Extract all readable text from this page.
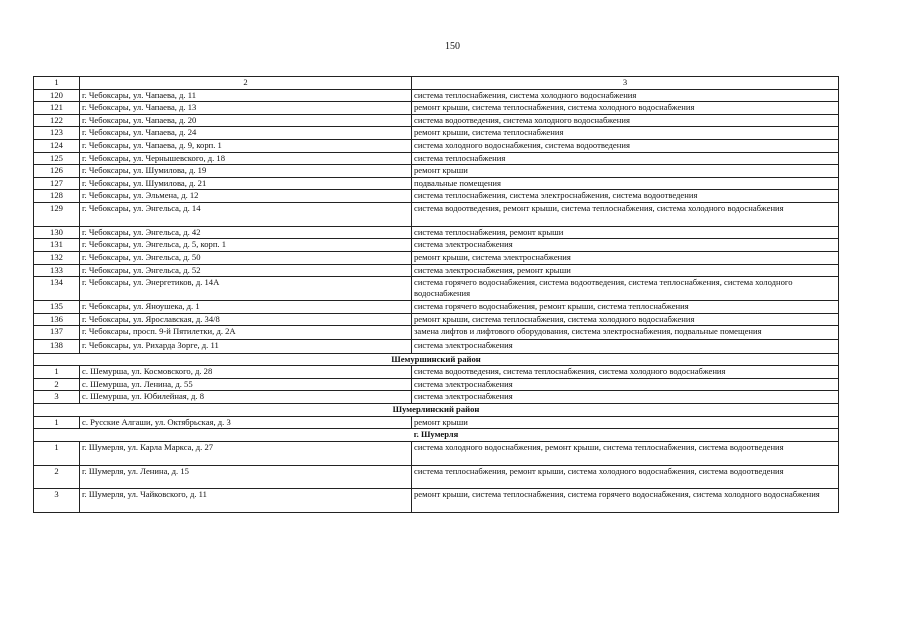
150
1	2	3
120	г. Чебоксары, ул. Чапаева, д. 11	система теплоснабжения, система холодного водоснабжения
121	г. Чебоксары, ул. Чапаева, д. 13	ремонт крыши, система теплоснабжения, система холодного водоснабжения
122	г. Чебоксары, ул. Чапаева, д. 20	система водоотведения, система холодного водоснабжения
123	г. Чебоксары, ул. Чапаева, д. 24	ремонт крыши, система теплоснабжения
124	г. Чебоксары, ул. Чапаева, д. 9, корп. 1	система холодного водоснабжения, система водоотведения
125	г. Чебоксары, ул. Чернышевского, д. 18	система теплоснабжения
126	г. Чебоксары, ул. Шумилова, д. 19	ремонт крыши
127	г. Чебоксары, ул. Шумилова, д. 21	подвальные помещения
128	г. Чебоксары, ул. Эльмена, д. 12	система теплоснабжения, система электроснабжения, система водоотведения
129	г. Чебоксары, ул. Энгельса, д. 14	система водоотведения, ремонт крыши, система теплоснабжения, система холодного водоснабжения
130	г. Чебоксары, ул. Энгельса, д. 42	система теплоснабжения, ремонт крыши
131	г. Чебоксары, ул. Энгельса, д. 5, корп. 1	система электроснабжения
132	г. Чебоксары, ул. Энгельса, д. 50	ремонт крыши, система электроснабжения
133	г. Чебоксары, ул. Энгельса, д. 52	система электроснабжения, ремонт крыши
134	г. Чебоксары, ул. Энергетиков, д. 14А	система горячего водоснабжения, система водоотведения, система теплоснабжения, система холодного водоснабжения
135	г. Чебоксары, ул. Яноушека, д. 1	система горячего водоснабжения, ремонт крыши, система теплоснабжения
136	г. Чебоксары, ул. Ярославская, д. 34/8	ремонт крыши, система теплоснабжения, система холодного водоснабжения
137	г. Чебоксары, просп. 9-й Пятилетки, д. 2А	замена лифтов и лифтового оборудования, система электроснабжения, подвальные помещения
138	г. Чебоксары, ул. Рихарда Зорге, д. 11	система электроснабжения
Шемуршинский район		
1	с. Шемурша, ул. Космовского, д. 28	система водоотведения, система теплоснабжения, система холодного водоснабжения
2	с. Шемурша, ул. Ленина, д. 55	система электроснабжения
3	с. Шемурша, ул. Юбилейная, д. 8	система электроснабжения
Шумерлинский район		
1	с. Русские Алгаши, ул. Октябрьская, д. 3	ремонт крыши
г. Шумерля		
1	г. Шумерля, ул. Карла Маркса, д. 27	система холодного водоснабжения, ремонт крыши, система теплоснабжения, система водоотведения
2	г. Шумерля, ул. Ленина, д. 15	система теплоснабжения, ремонт крыши, система холодного водоснабжения, система водоотведения
3	г. Шумерля, ул. Чайковского, д. 11	ремонт крыши, система теплоснабжения, система горячего водоснабжения, система холодного водоснабжения
